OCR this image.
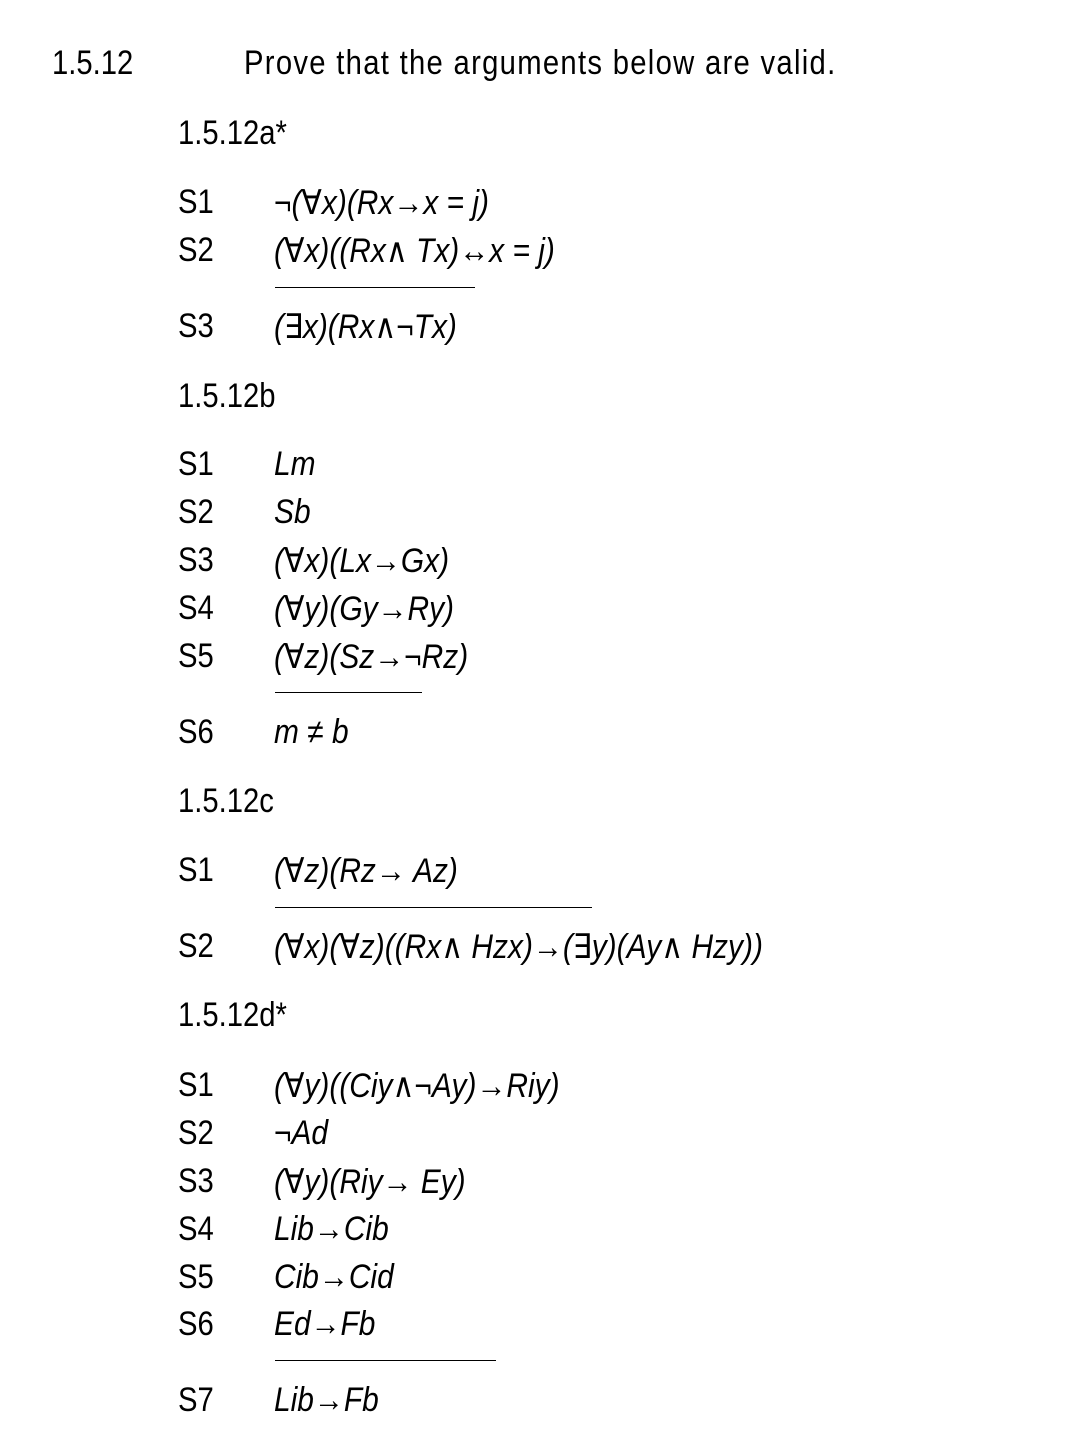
1.5.12	Prove that the arguments below are valid.
1.5.12a*
S1 ¬(∀x)(Rx→x = j)
S2 (∀x)((Rx∧ Tx)↔x = j)
S3 (∃x)(Rx∧¬Tx)
1.5.12b
S1 Lm
S2 Sb
S3 (∀x)(Lx→Gx)
S4 (∀y)(Gy→Ry)
S5 (∀z)(Sz→¬Rz)
S6 m ≠ b
1.5.12c
S1 (∀z)(Rz→ Az)
S2 (∀x)(∀z)((Rx∧ Hzx)→(∃y)(Ay∧ Hzy))
1.5.12d*
S1 (∀y)((Ciy∧¬Ay)→Riy)
S2 ¬Ad
S3 (∀y)(Riy→ Ey)
S4 Lib→Cib
S5 Cib→Cid
S6 Ed→Fb
S7 Lib→Fb
